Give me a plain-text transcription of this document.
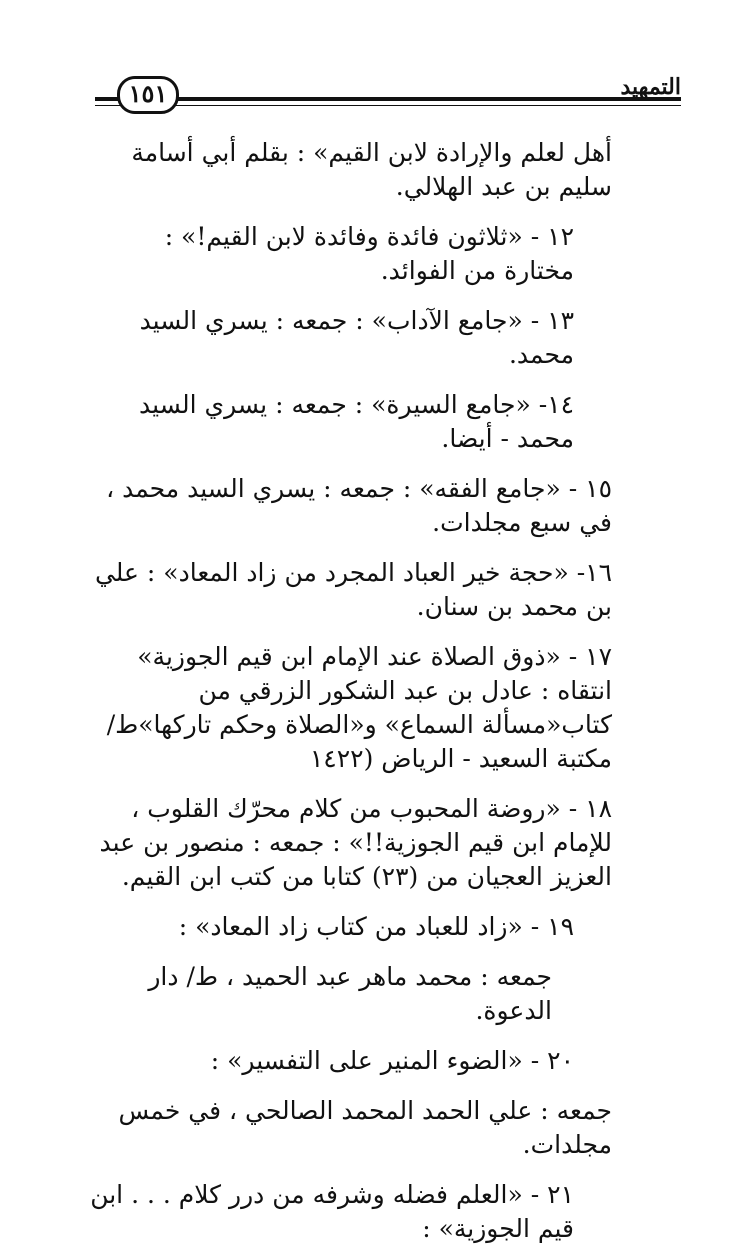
١٥١	التمهيد

أهل لعلم والإرادة لابن القيم» : بقلم أبي أسامة سليم بن عبد الهلالي.

١٢ - «ثلاثون فائدة وفائدة لابن القيم!» : مختارة من الفوائد.

١٣ - «جامع الآداب» : جمعه : يسري السيد محمد.

١٤- «جامع السيرة» : جمعه : يسري السيد محمد - أيضا.

١٥ - «جامع الفقه» : جمعه : يسري السيد محمد ، في سبع مجلدات.

١٦- «حجة خير العباد المجرد من زاد المعاد» : علي بن محمد بن سنان.

١٧ - «ذوق الصلاة عند الإمام ابن قيم الجوزية» انتقاه : عادل بن عبد الشكور الزرقي من كتاب«مسألة السماع» و«الصلاة وحكم تاركها»ط/مكتبة السعيد - الرياض (١٤٢٢

١٨ - «روضة المحبوب من كلام محرّك القلوب ، للإمام ابن قيم الجوزية!!» : جمعه : منصور بن عبد العزيز العجيان من (٢٣) كتابا من كتب ابن القيم.

١٩ - «زاد للعباد من كتاب زاد المعاد» :

جمعه : محمد ماهر عبد الحميد ، ط/ دار الدعوة.

٢٠ - «الضوء المنير على التفسير» :

جمعه : علي الحمد المحمد الصالحي ، في خمس مجلدات.

٢١ - «العلم فضله وشرفه من درر كلام . . . ابن قيم الجوزية» :
